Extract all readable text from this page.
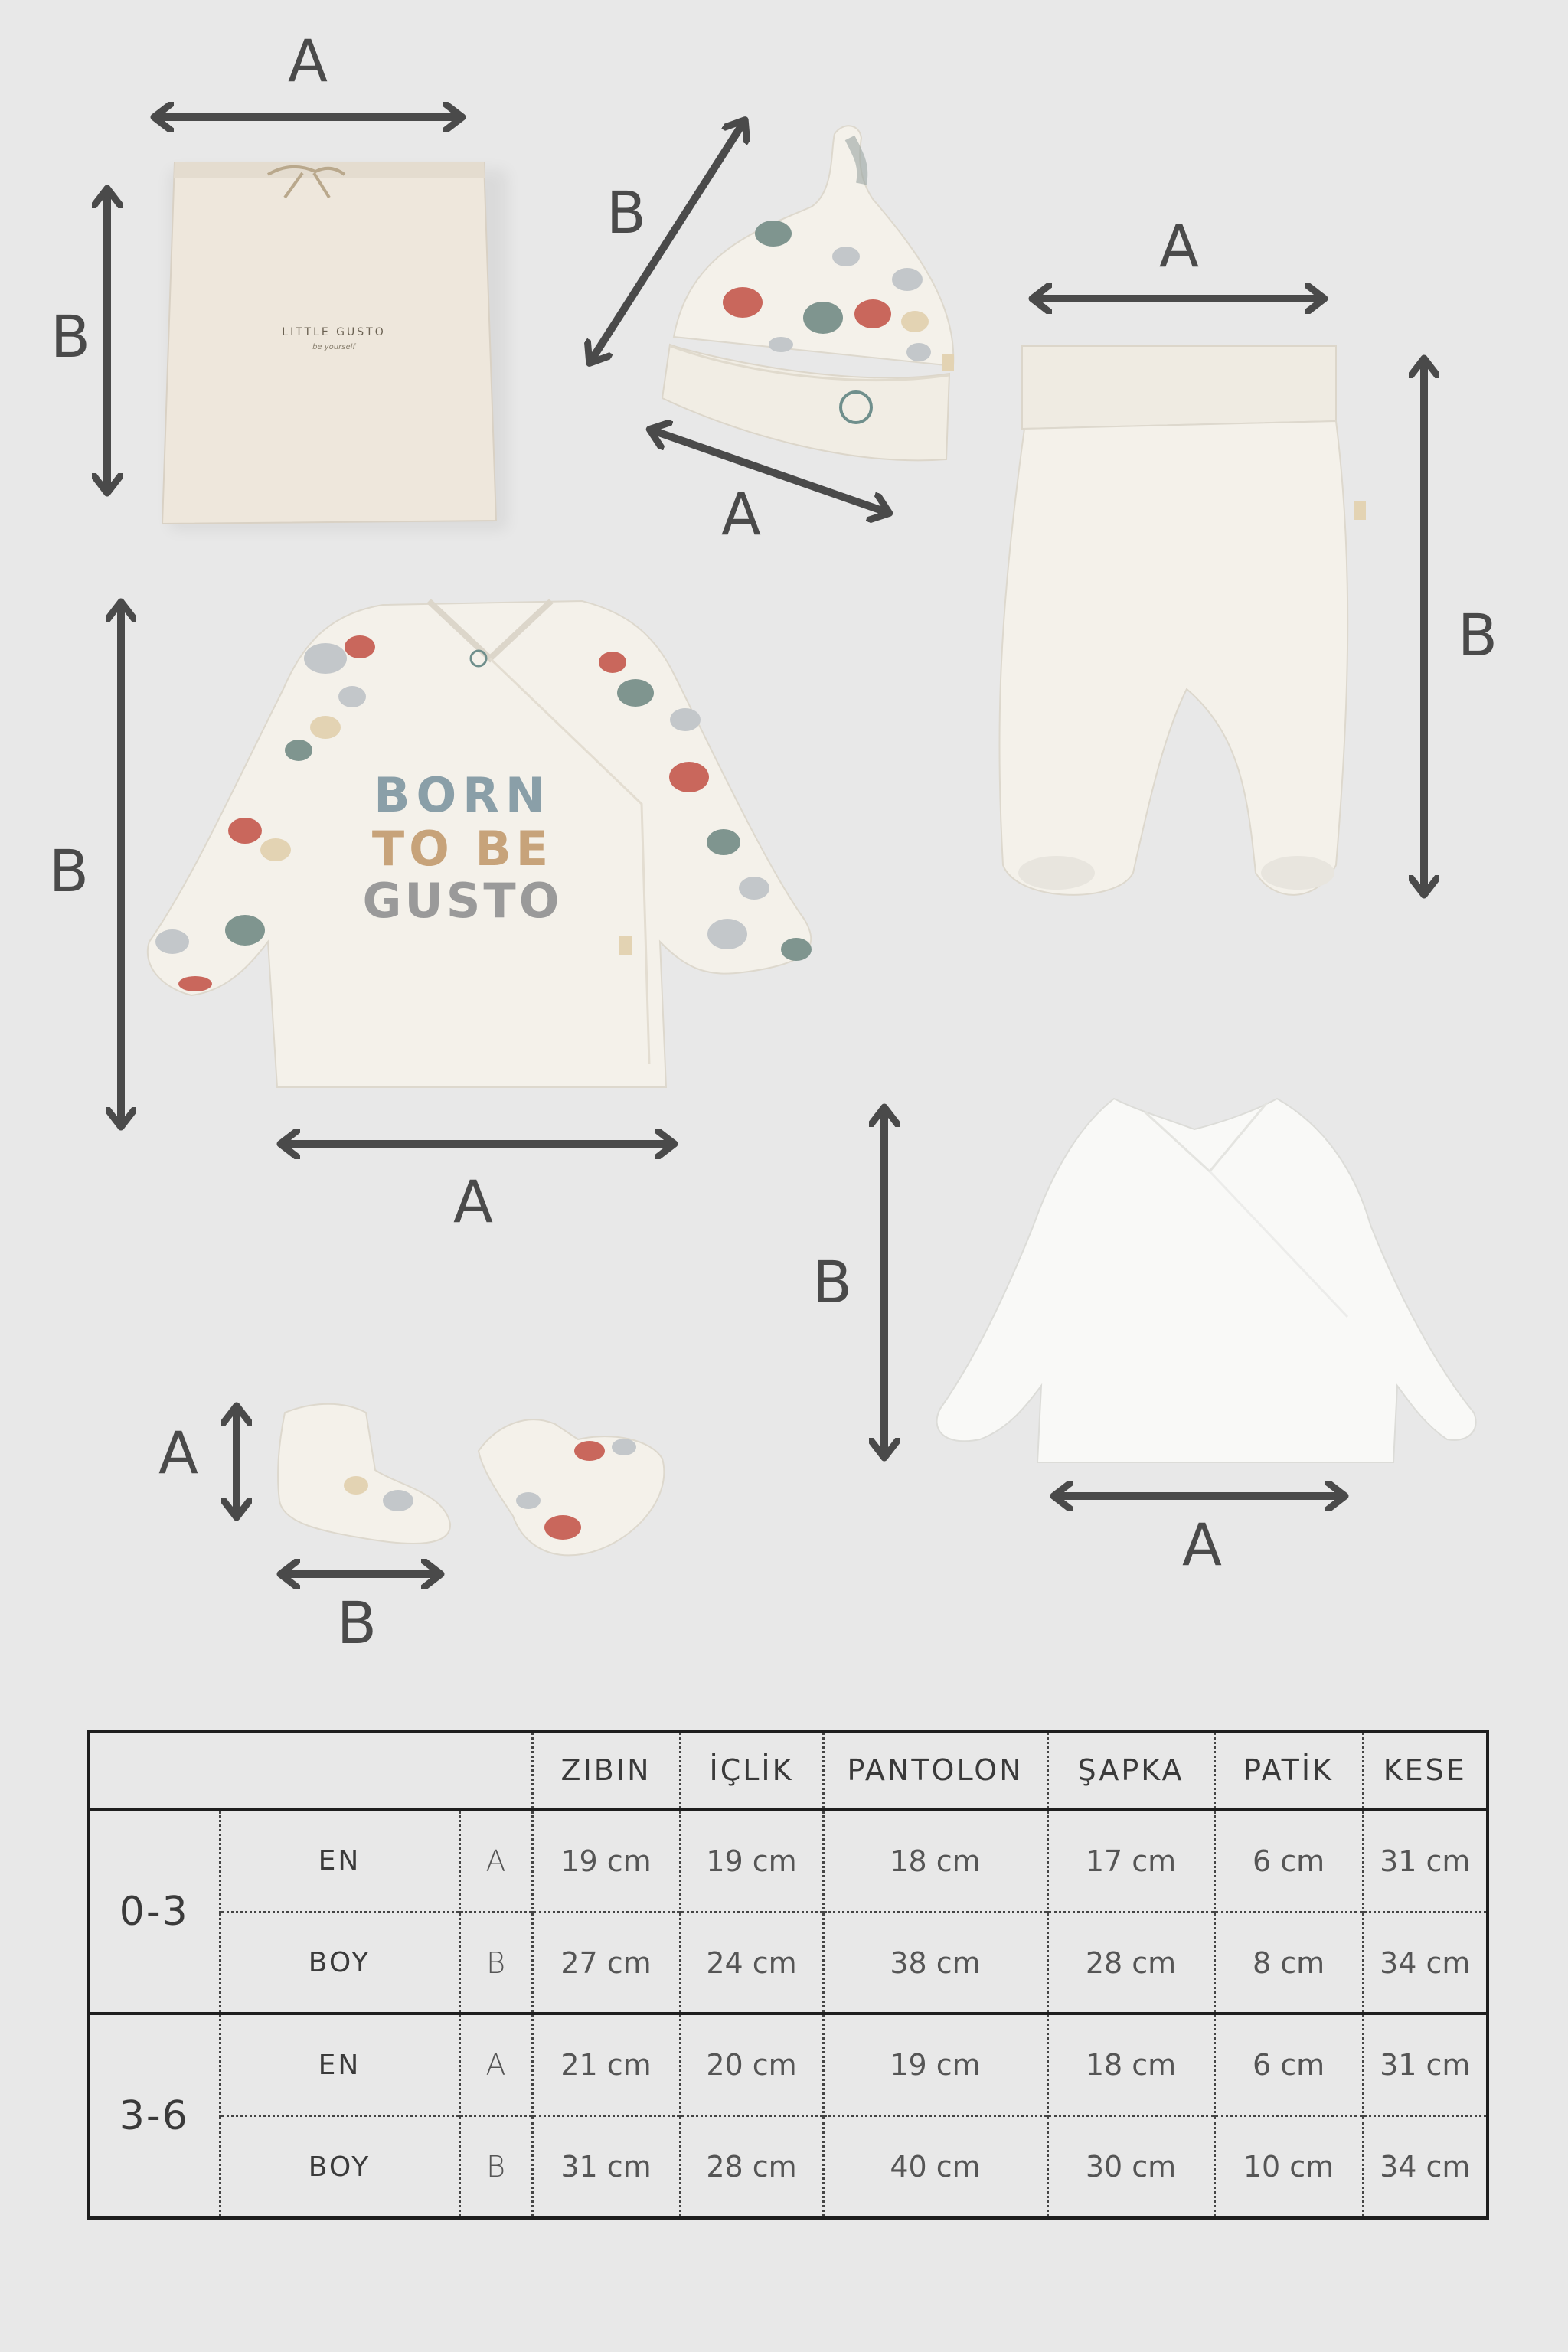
LITTLE GUSTO
be yourself
BORN
TO BE
GUSTO
A
B
B
A
A
B
B
A
B
A
A
B
			ZIBIN	İÇLİK	PANTOLON	ŞAPKA	PATİK	KESE
0-3	EN	A	19 cm	19 cm	18 cm	17 cm	6 cm	31 cm
	BOY	B	27 cm	24 cm	38 cm	28 cm	8 cm	34 cm
3-6	EN	A	21 cm	20 cm	19 cm	18 cm	6 cm	31 cm
	BOY	B	31 cm	28 cm	40 cm	30 cm	10 cm	34 cm
